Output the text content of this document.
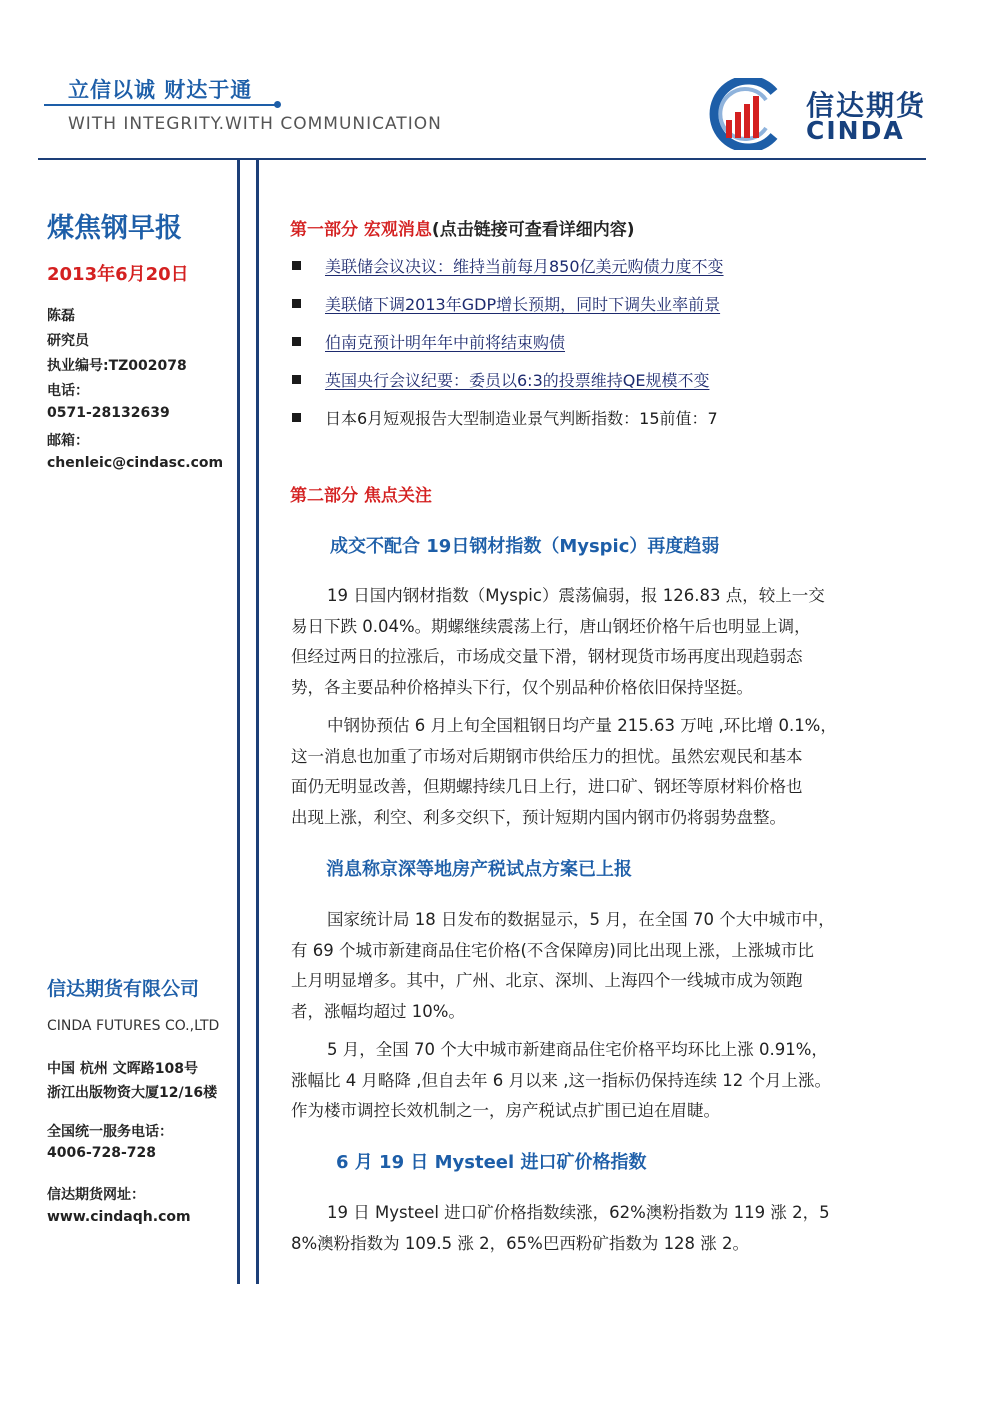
立信以诚 财达于通
WITH INTEGRITY.WITH COMMUNICATION
信达期货
CINDA
煤焦钢早报
2013年6月20日
陈磊
研究员
执业编号:TZ002078
电话：
0571-28132639
邮箱：
chenleic@cindasc.com
信达期货有限公司
CINDA FUTURES CO.,LTD
中国 杭州 文晖路108号
浙江出版物资大厦12/16楼
全国统一服务电话：
4006-728-728
信达期货网址：
www.cindaqh.com
第一部分 宏观消息(点击链接可查看详细内容)
美联储会议决议：维持当前每月850亿美元购债力度不变
美联储下调2013年GDP增长预期，同时下调失业率前景
伯南克预计明年年中前将结束购债
英国央行会议纪要：委员以6:3的投票维持QE规模不变
日本6月短观报告大型制造业景气判断指数：15前值：7
第二部分 焦点关注
成交不配合 19日钢材指数（Myspic）再度趋弱
19 日国内钢材指数（Myspic）震荡偏弱，报 126.83 点，较上一交
易日下跌 0.04%。期螺继续震荡上行，唐山钢坯价格午后也明显上调，
但经过两日的拉涨后，市场成交量下滑，钢材现货市场再度出现趋弱态
势，各主要品种价格掉头下行，仅个别品种价格依旧保持坚挺。
中钢协预估 6 月上旬全国粗钢日均产量 215.63 万吨 ,环比增 0.1%，
这一消息也加重了市场对后期钢市供给压力的担忧。虽然宏观民和基本
面仍无明显改善，但期螺持续几日上行，进口矿、钢坯等原材料价格也
出现上涨，利空、利多交织下，预计短期内国内钢市仍将弱势盘整。
消息称京深等地房产税试点方案已上报
国家统计局 18 日发布的数据显示，5 月，在全国 70 个大中城市中，
有 69 个城市新建商品住宅价格(不含保障房)同比出现上涨，上涨城市比
上月明显增多。其中，广州、北京、深圳、上海四个一线城市成为领跑
者，涨幅均超过 10%。
5 月，全国 70 个大中城市新建商品住宅价格平均环比上涨 0.91%，
涨幅比 4 月略降 ,但自去年 6 月以来 ,这一指标仍保持连续 12 个月上涨。
作为楼市调控长效机制之一，房产税试点扩围已迫在眉睫。
6 月 19 日 Mysteel 进口矿价格指数
19 日 Mysteel 进口矿价格指数续涨，62%澳粉指数为 119 涨 2，5
8%澳粉指数为 109.5 涨 2，65%巴西粉矿指数为 128 涨 2。
